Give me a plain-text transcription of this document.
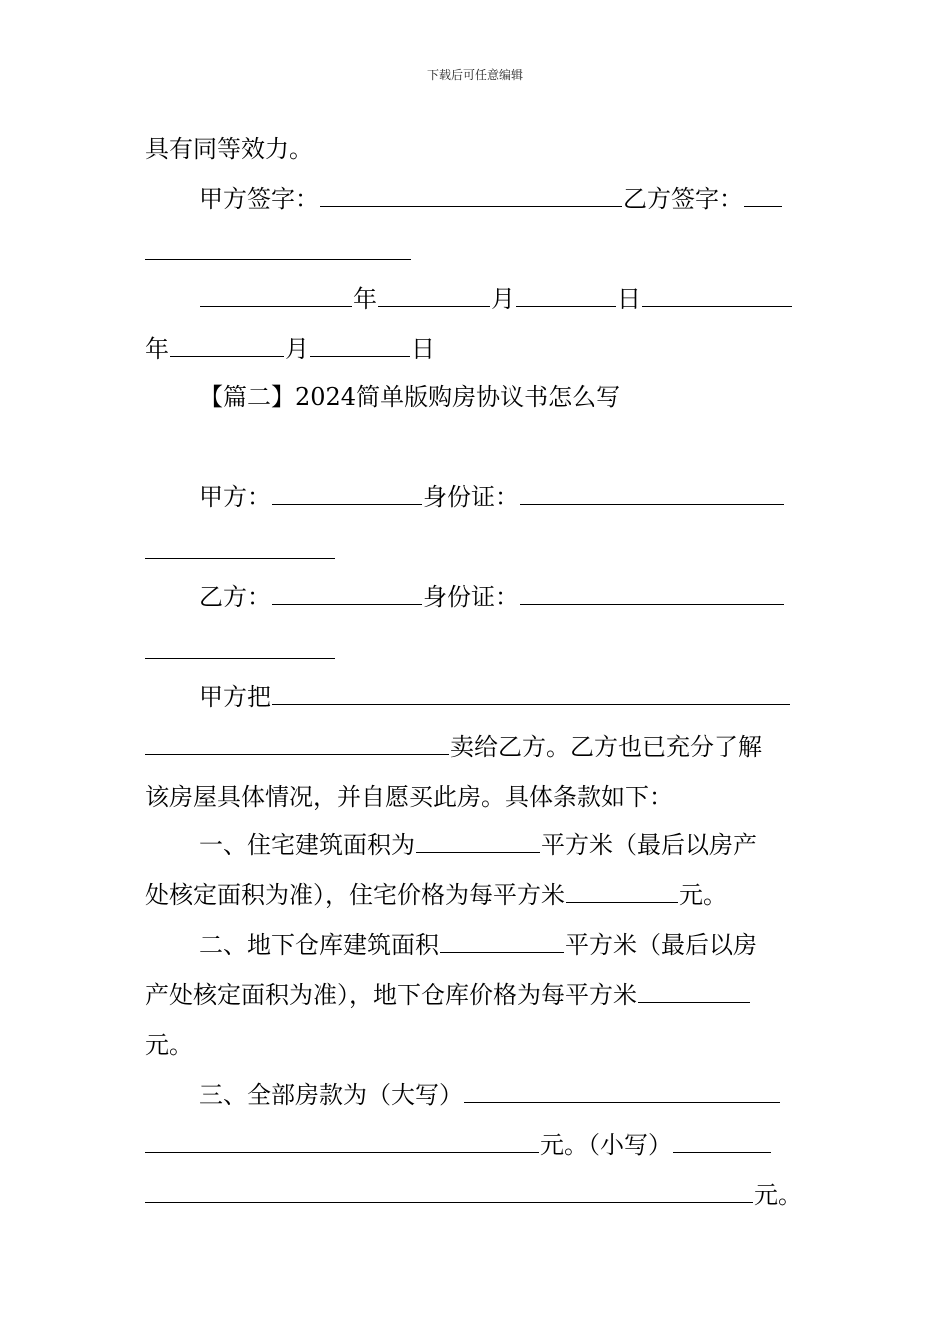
下载后可任意编辑
具有同等效力。
甲方签字：	乙方签字：
年	月	日
年	月	日
【篇二】2024简单版购房协议书怎么写
甲方：	身份证：
乙方：	身份证：
甲方把
卖给乙方。乙方也已充分了解
该房屋具体情况，并自愿买此房。具体条款如下：
一、住宅建筑面积为	平方米（最后以房产
处核定面积为准），住宅价格为每平方米	元。
二、地下仓库建筑面积	平方米（最后以房
产处核定面积为准），地下仓库价格为每平方米
元。
三、全部房款为（大写）
元。（小写）
元。
